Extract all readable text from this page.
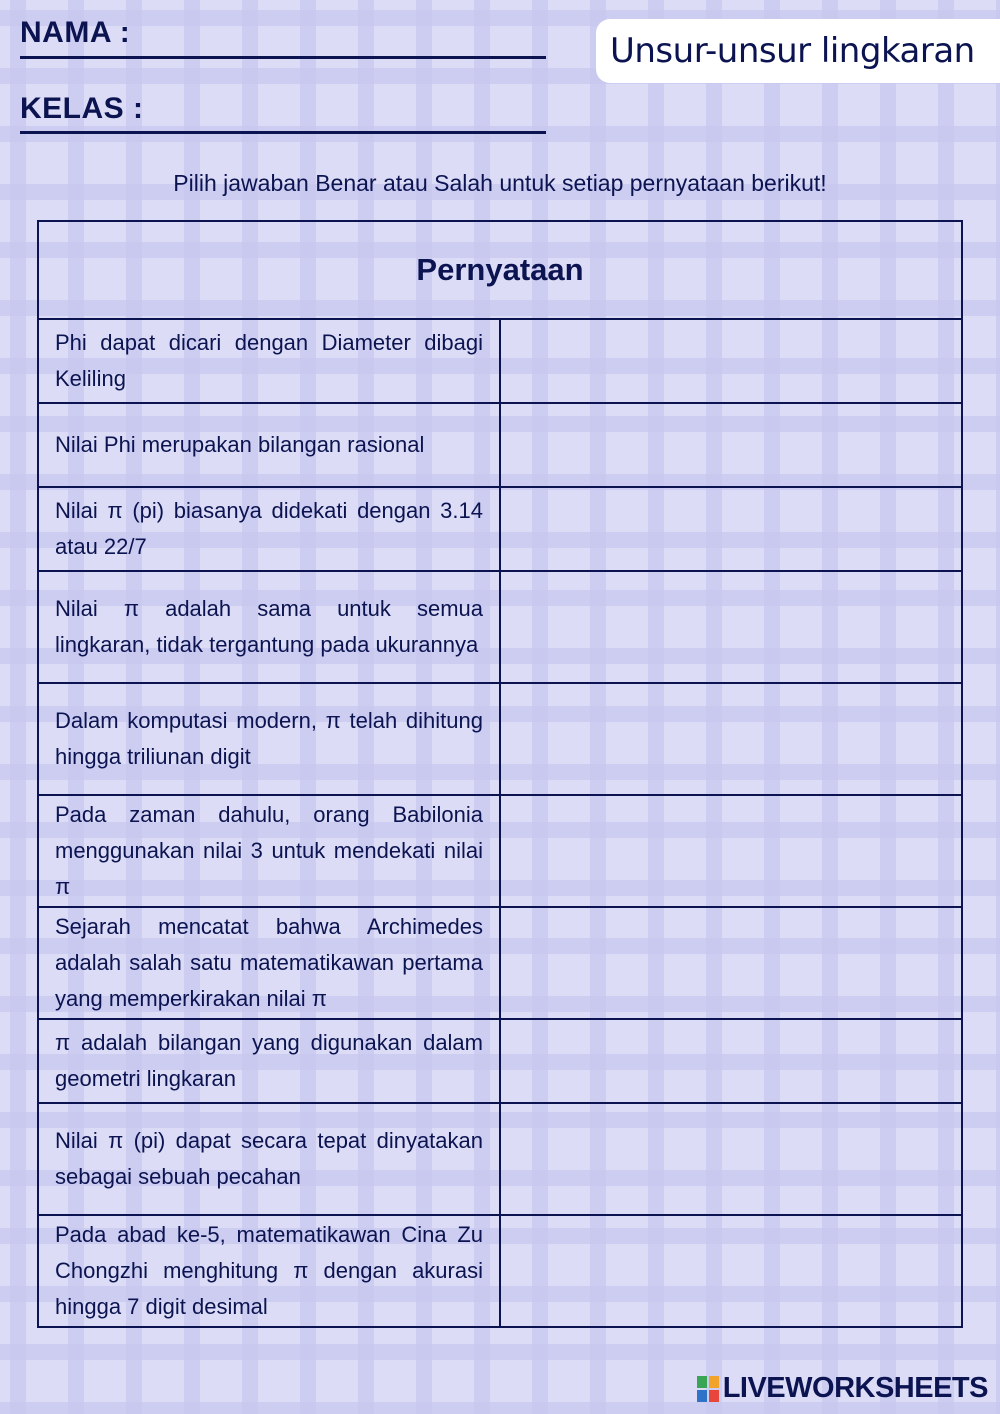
NAMA :
KELAS :
Unsur-unsur lingkaran
Pilih jawaban Benar atau Salah untuk setiap pernyataan berikut!
Pernyataan	
Phi dapat dicari dengan Diameter dibagi Keliling	
Nilai Phi merupakan bilangan rasional	
Nilai π (pi) biasanya didekati dengan 3.14 atau 22/7	
Nilai π adalah sama untuk semua lingkaran, tidak tergantung pada ukurannya	
Dalam komputasi modern, π telah dihitung hingga triliunan digit	
Pada zaman dahulu, orang Babilonia menggunakan nilai 3 untuk mendekati nilai π	
Sejarah mencatat bahwa Archimedes adalah salah satu matematikawan pertama yang memperkirakan nilai π	
π adalah bilangan yang digunakan dalam geometri lingkaran	
Nilai π (pi) dapat secara tepat dinyatakan sebagai sebuah pecahan	
Pada abad ke-5, matematikawan Cina Zu Chongzhi menghitung π dengan akurasi hingga 7 digit desimal	
LIVEWORKSHEETS
